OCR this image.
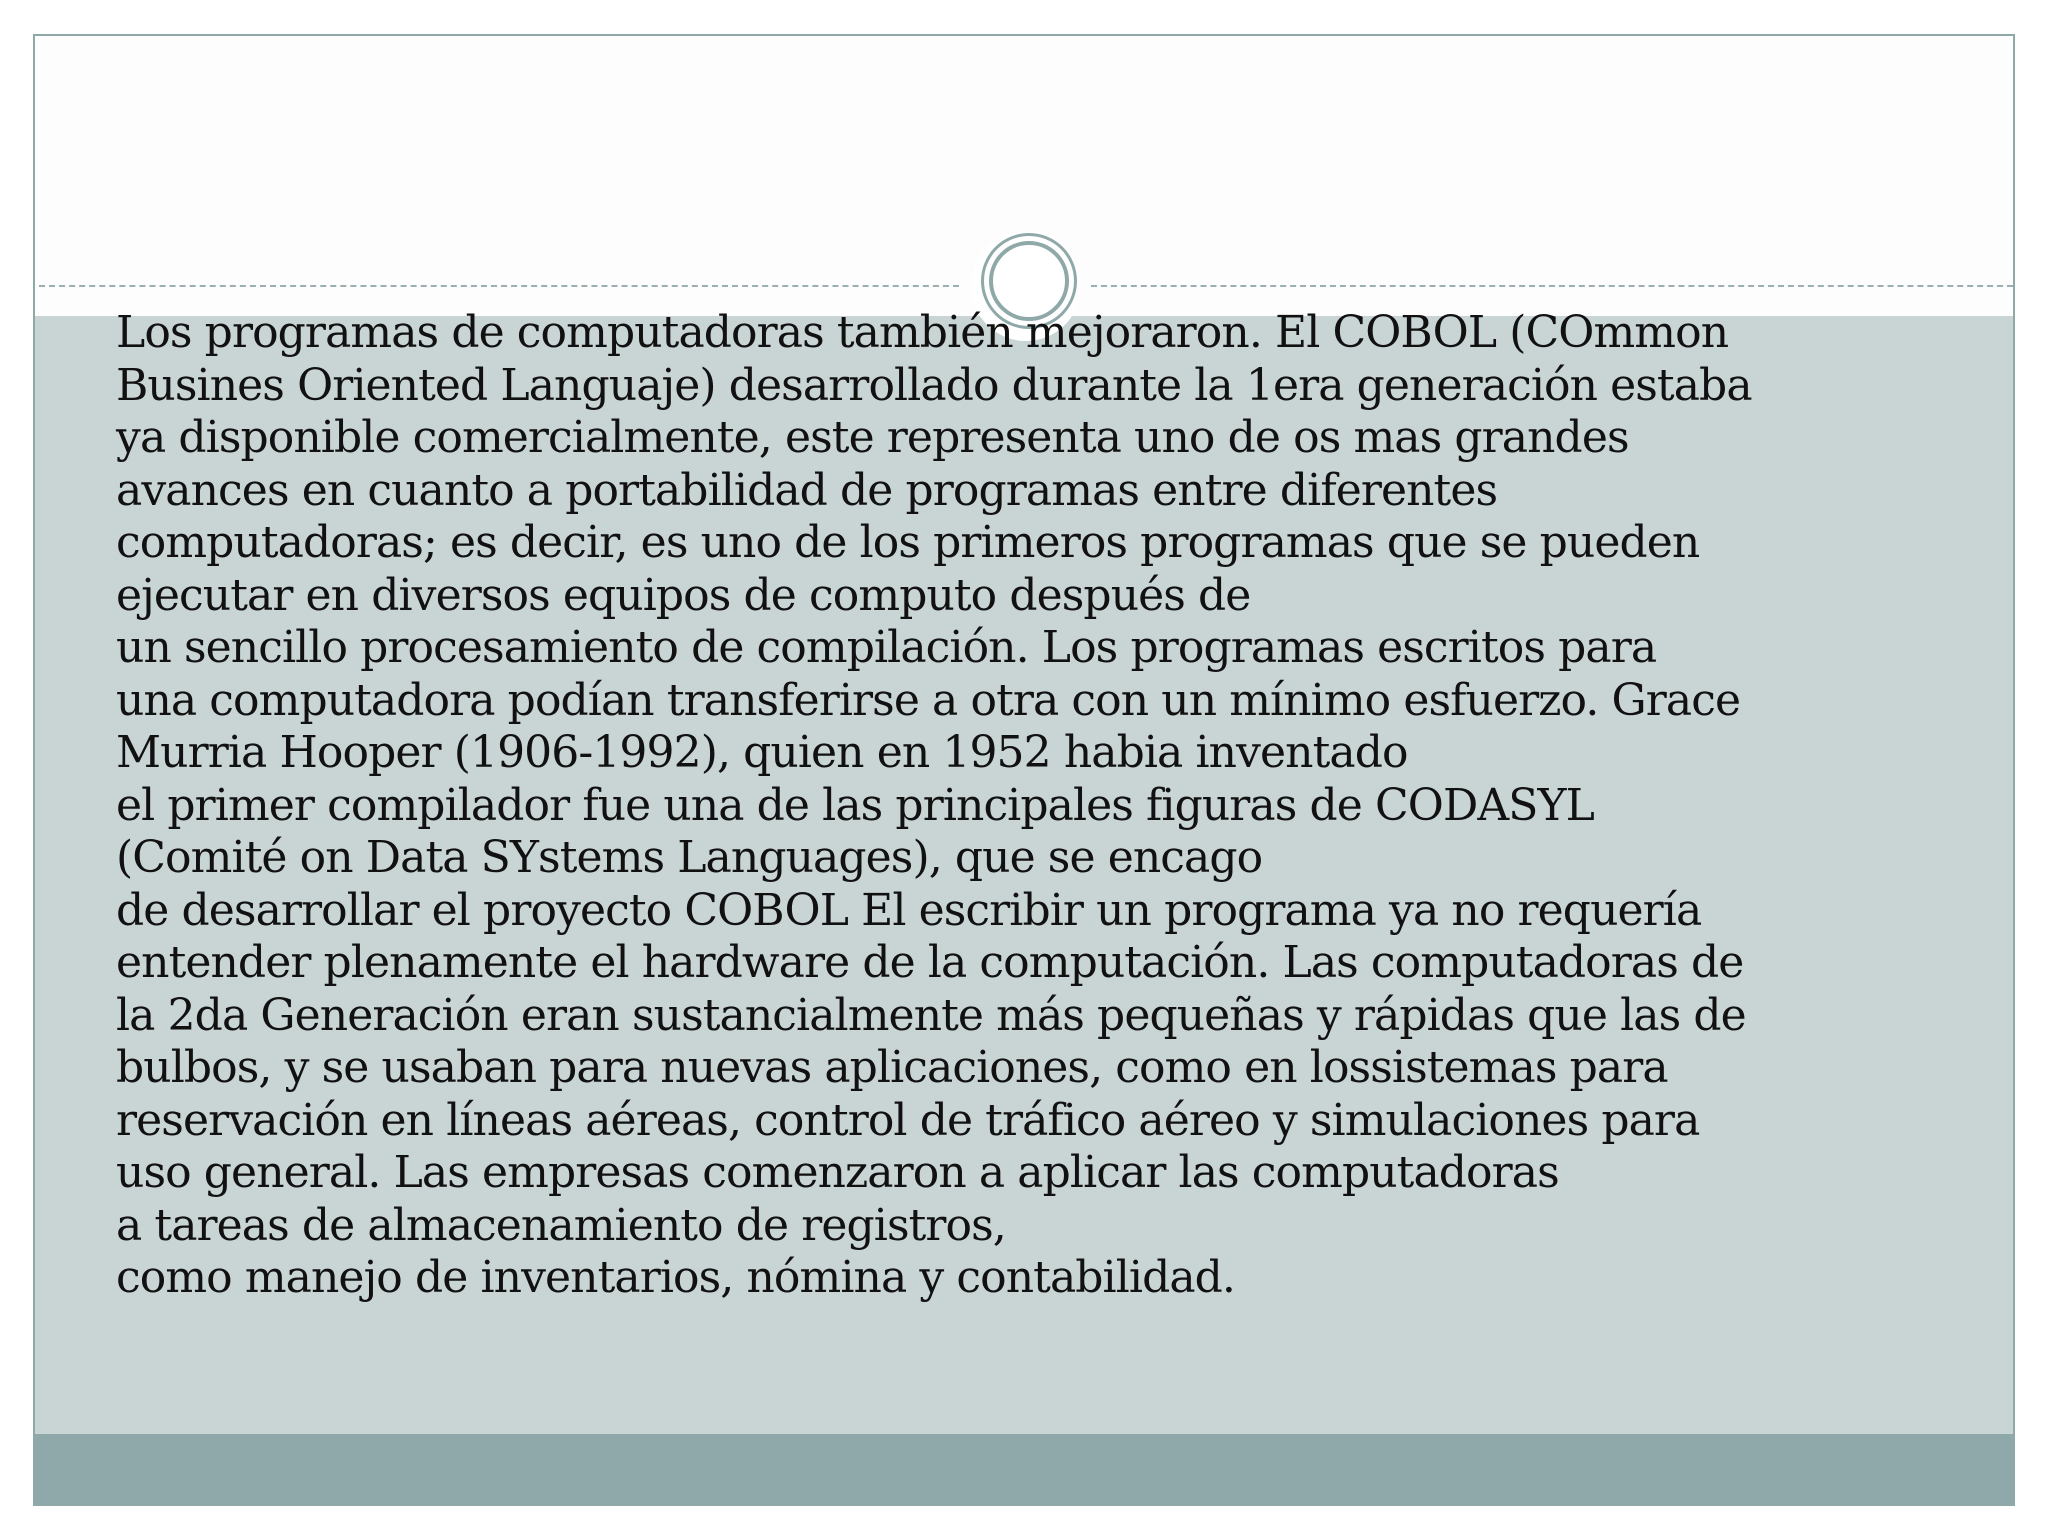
Los programas de computadoras también mejoraron. El COBOL (COmmon
Busines Oriented Languaje) desarrollado durante la 1era generación estaba
ya disponible comercialmente, este representa uno de os mas grandes
avances en cuanto a portabilidad de programas entre diferentes
computadoras; es decir, es uno de los primeros programas que se pueden
ejecutar en diversos equipos de computo después de
un sencillo procesamiento de compilación. Los programas escritos para
una computadora podían transferirse a otra con un mínimo esfuerzo. Grace
Murria Hooper (1906-1992), quien en 1952 habia inventado
el primer compilador fue una de las principales figuras de CODASYL
(Comité on Data SYstems Languages), que se encago
de desarrollar el proyecto COBOL El escribir un programa ya no requería
entender plenamente el hardware de la computación. Las computadoras de
la 2da Generación eran sustancialmente más pequeñas y rápidas que las de
bulbos, y se usaban para nuevas aplicaciones, como en lossistemas para
reservación en líneas aéreas, control de tráfico aéreo y simulaciones para
uso general. Las empresas comenzaron a aplicar las computadoras
a tareas de almacenamiento de registros,
como manejo de inventarios, nómina y contabilidad.
